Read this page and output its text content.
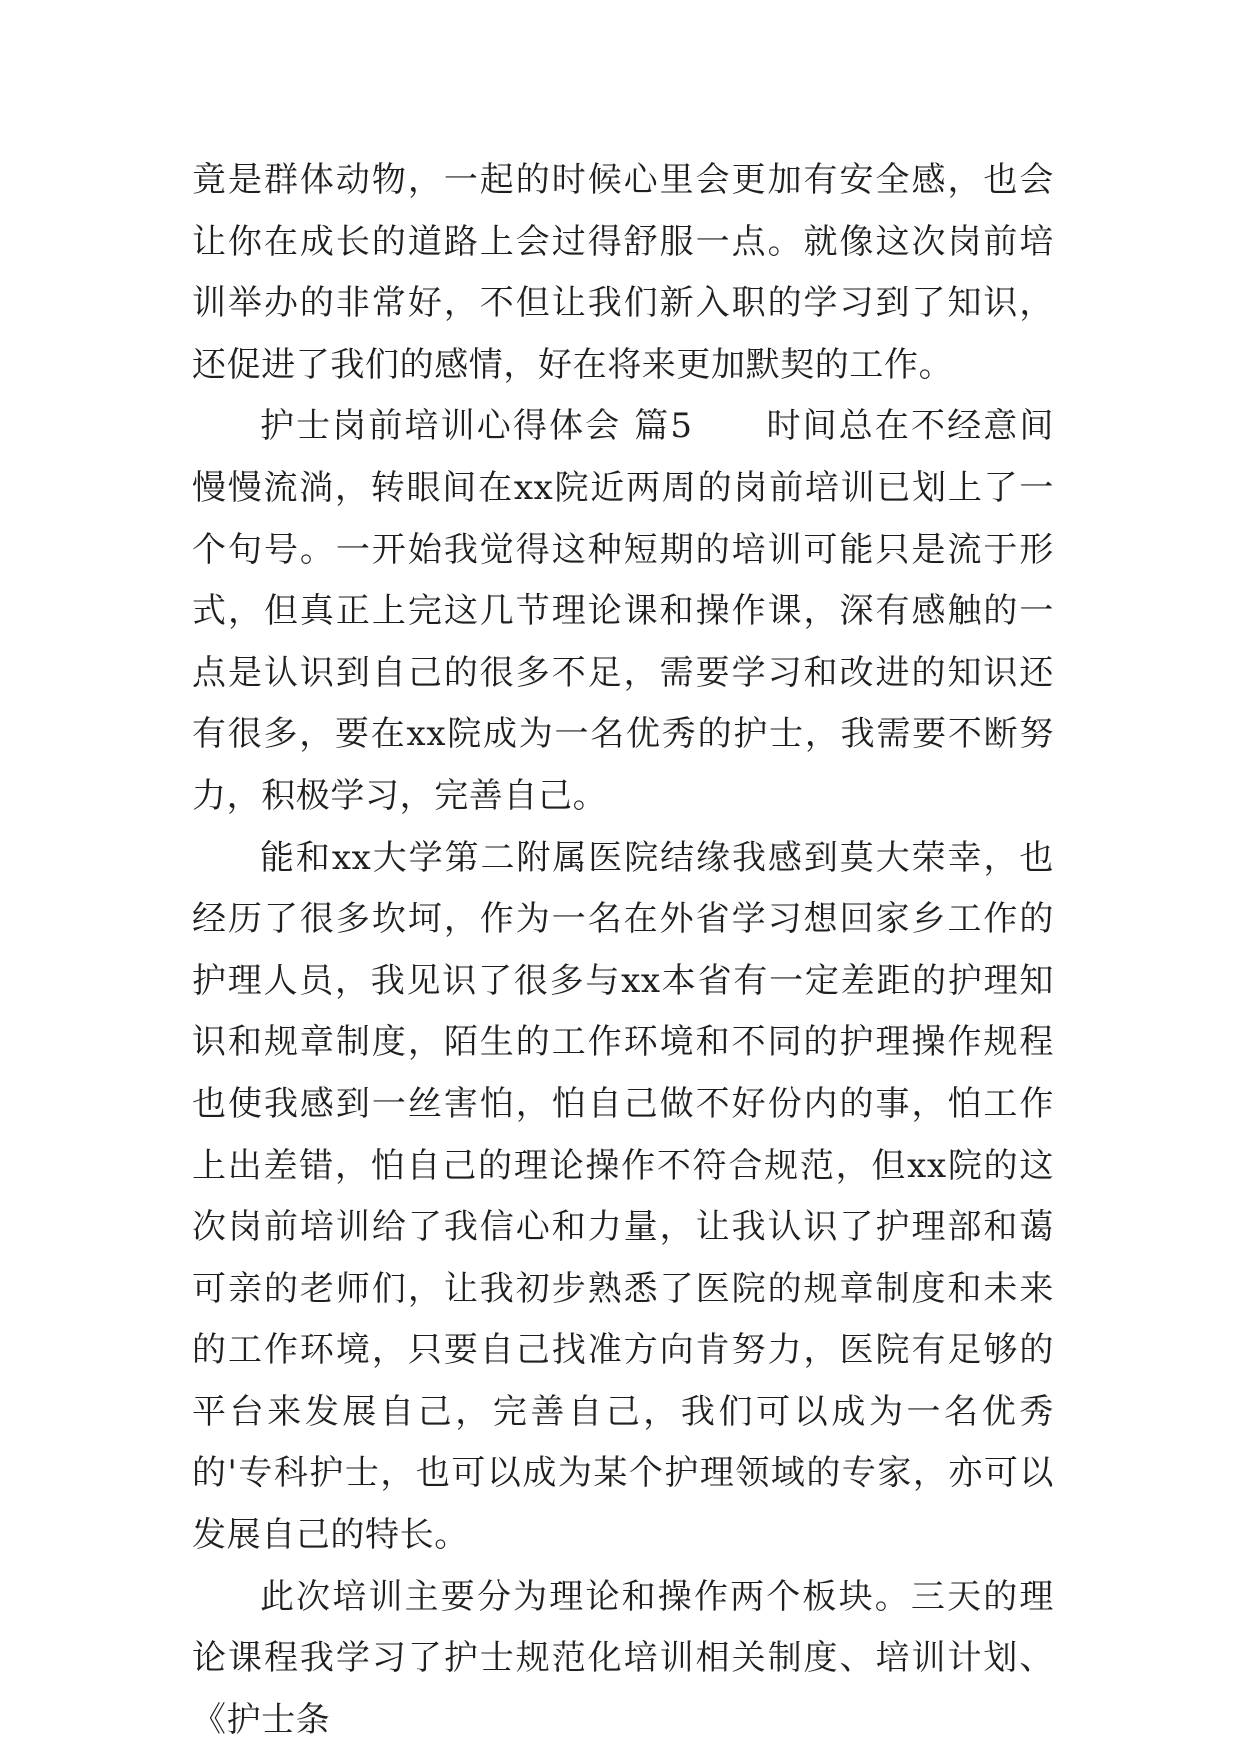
竟是群体动物，一起的时候心里会更加有安全感，也会让你在成长的道路上会过得舒服一点。就像这次岗前培训举办的非常好，不但让我们新入职的学习到了知识，还促进了我们的感情，好在将来更加默契的工作。

护士岗前培训心得体会 篇5　　时间总在不经意间慢慢流淌，转眼间在xx院近两周的岗前培训已划上了一个句号。一开始我觉得这种短期的培训可能只是流于形式，但真正上完这几节理论课和操作课，深有感触的一点是认识到自己的很多不足，需要学习和改进的知识还有很多，要在xx院成为一名优秀的护士，我需要不断努力，积极学习，完善自己。

能和xx大学第二附属医院结缘我感到莫大荣幸，也经历了很多坎坷，作为一名在外省学习想回家乡工作的护理人员，我见识了很多与xx本省有一定差距的护理知识和规章制度，陌生的工作环境和不同的护理操作规程也使我感到一丝害怕，怕自己做不好份内的事，怕工作上出差错，怕自己的理论操作不符合规范，但xx院的这次岗前培训给了我信心和力量，让我认识了护理部和蔼可亲的老师们，让我初步熟悉了医院的规章制度和未来的工作环境，只要自己找准方向肯努力，医院有足够的平台来发展自己，完善自己，我们可以成为一名优秀的'专科护士，也可以成为某个护理领域的专家，亦可以发展自己的特长。

此次培训主要分为理论和操作两个板块。三天的理论课程我学习了护士规范化培训相关制度、培训计划、《护士条
